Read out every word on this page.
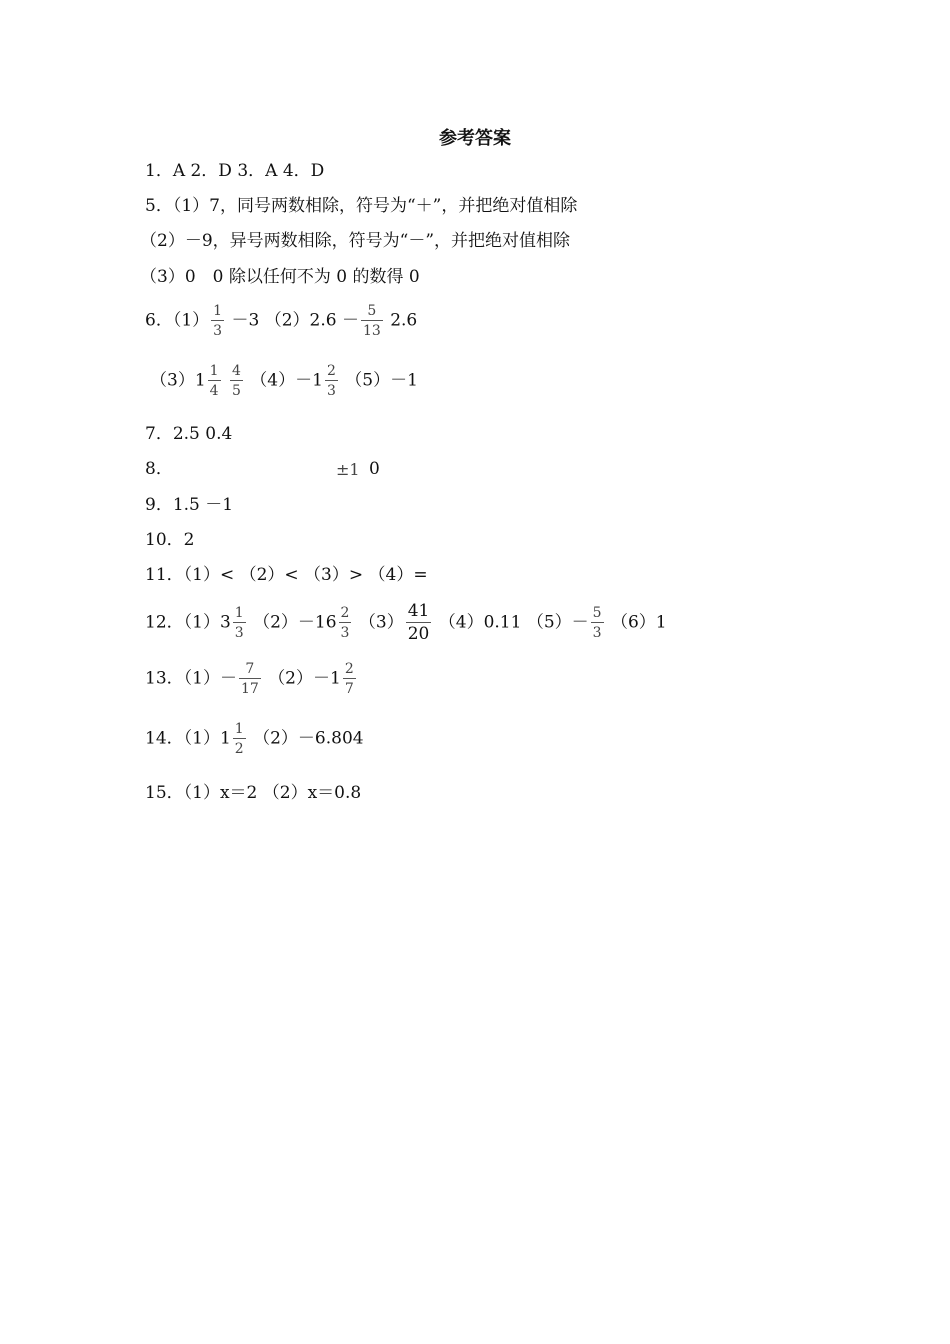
参考答案
1．A 2．D 3．A 4．D
5．（1）7，同号两数相除，符号为“＋”，并把绝对值相除
（2）－9，异号两数相除，符号为“－”，并把绝对值相除
（3）0　0 除以任何不为 0 的数得 0
6．$(1) \frac{1}{3} -3$ $(2)2.6 - \frac{5}{13} 2.6$
$(3)1 \frac{1}{4}$
$\frac{4}{5} (4)-1 \frac{2}{3} (5)-1$
7．2.5 0.4
8．	±1 0
9．1.5 －1
10．2
11．（1）< （2）< （3）> （4）=
12．$(1)3 \frac{1}{3} (2)-16 \frac{2}{3} (3) \frac{41}{20} (4)0.11$ $(5)- \frac{5}{3} (6)1$
13．$(1)- \frac{7}{17} (2)-1 \frac{2}{7}$
14．$(1)1 \frac{1}{2} (2)-6.804$
15．（1）x＝2 （2）x＝0.8
